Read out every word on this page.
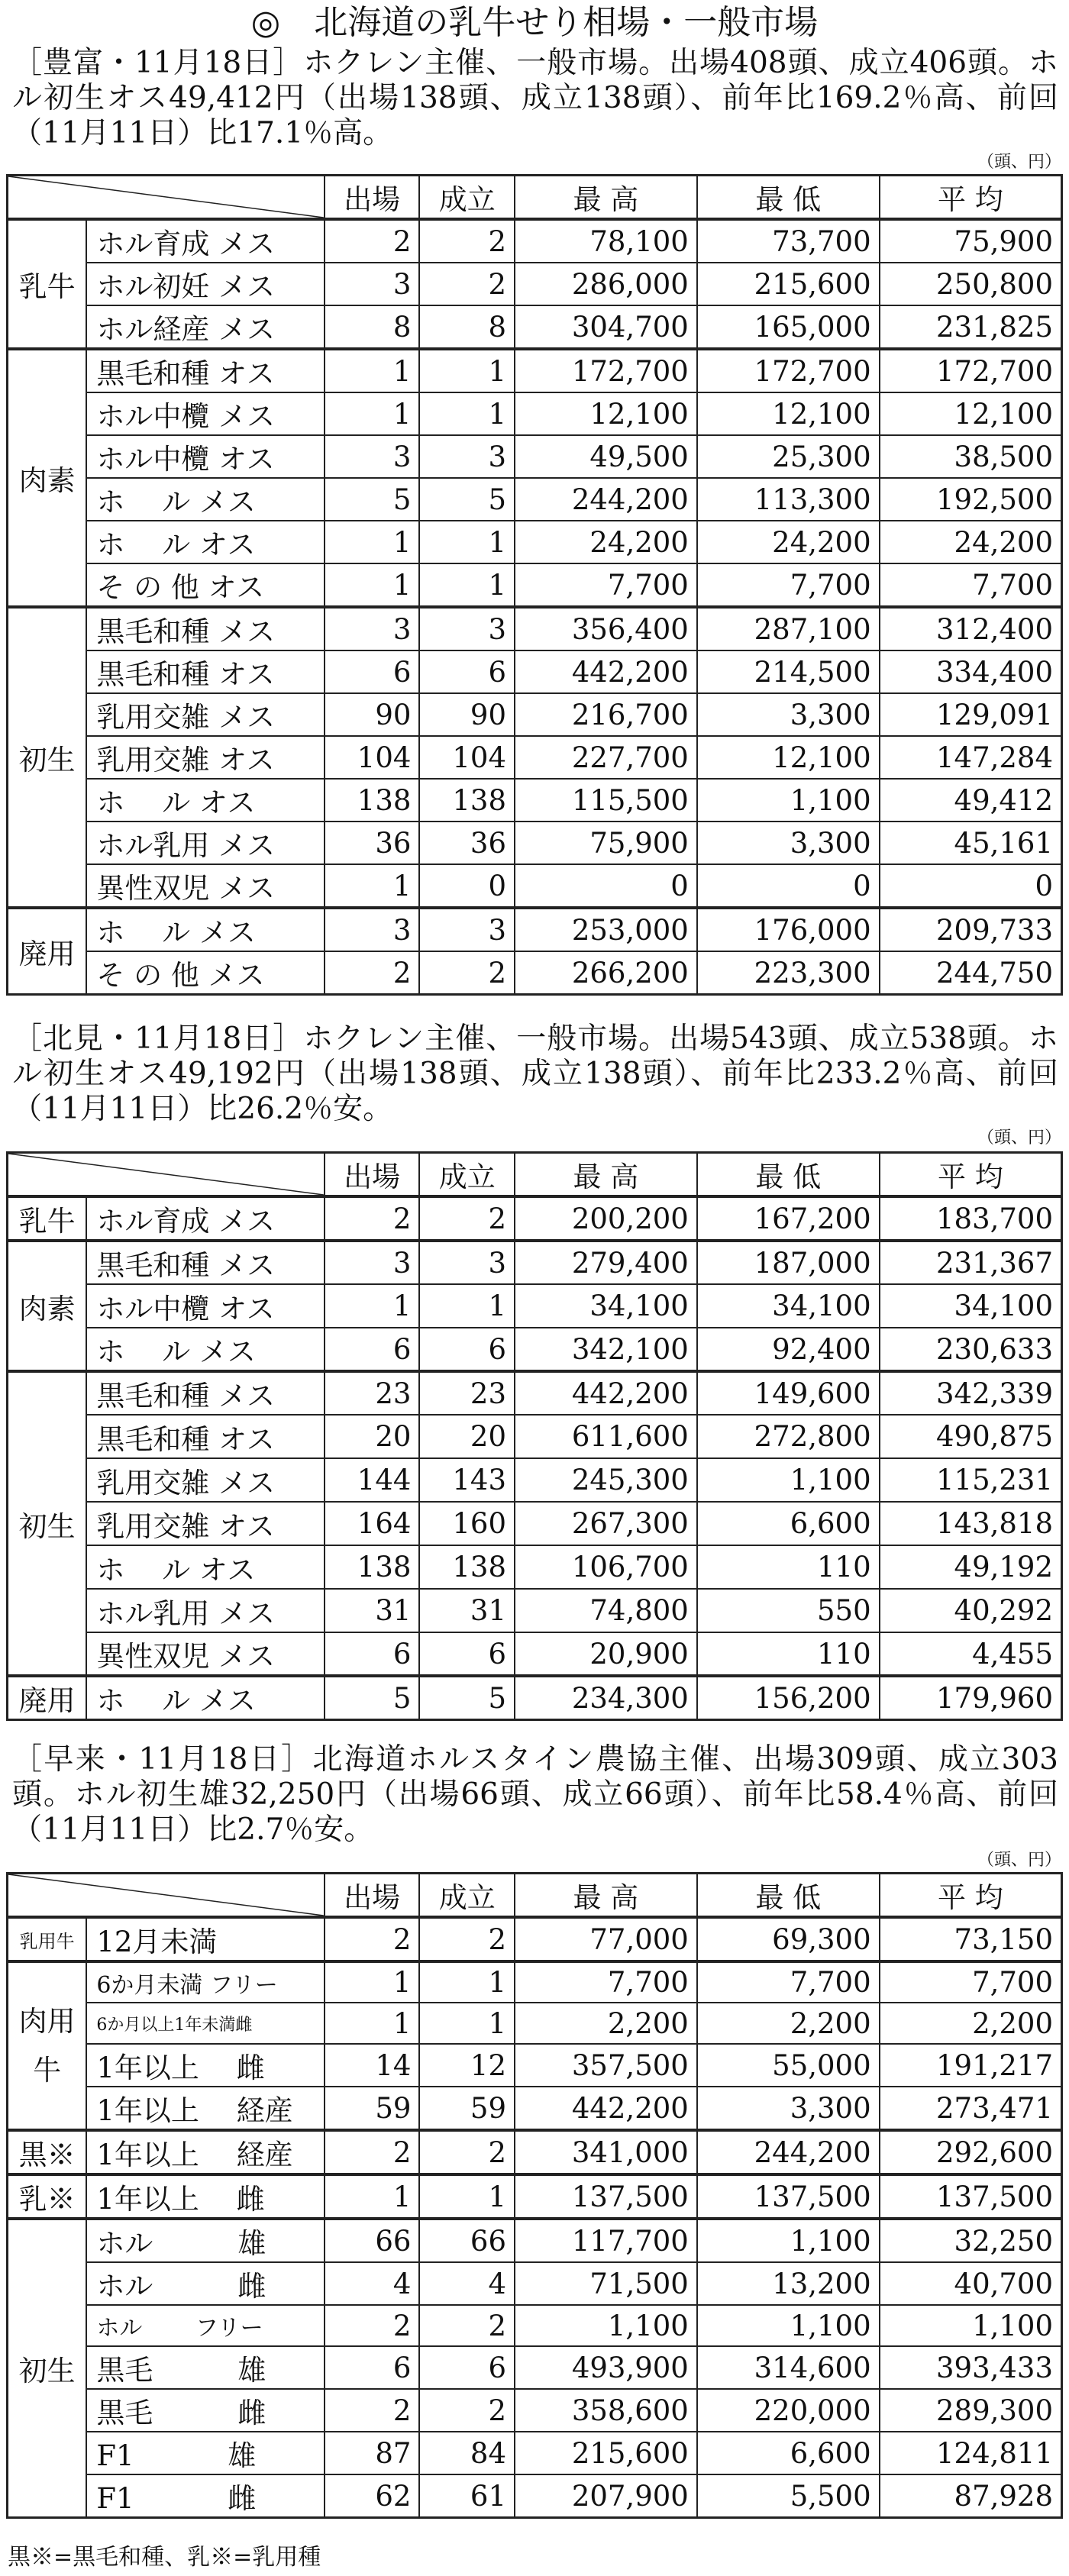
◎　北海道の乳牛せり相場・一般市場
［豊富・11月18日］ホクレン主催、一般市場。出場408頭、成立406頭。ホル初生オス49,412円（出場138頭、成立138頭）、前年比169.2％高、前回（11月11日）比17.1％高。
（頭、円）
	出場	成立	最 高	最 低	平 均
乳牛	ホル育成 メス	2	2	78,100	73,700	75,900
	ホル初妊 メス	3	2	286,000	215,600	250,800
	ホル経産 メス	8	8	304,700	165,000	231,825
肉素	黒毛和種 オス	1	1	172,700	172,700	172,700
	ホル中欖 メス	1	1	12,100	12,100	12,100
	ホル中欖 オス	3	3	49,500	25,300	38,500
	ホ　 ル メス	5	5	244,200	113,300	192,500
	ホ　 ル オス	1	1	24,200	24,200	24,200
	そ の 他 オス	1	1	7,700	7,700	7,700
初生	黒毛和種 メス	3	3	356,400	287,100	312,400
	黒毛和種 オス	6	6	442,200	214,500	334,400
	乳用交雑 メス	90	90	216,700	3,300	129,091
	乳用交雑 オス	104	104	227,700	12,100	147,284
	ホ　 ル オス	138	138	115,500	1,100	49,412
	ホル乳用 メス	36	36	75,900	3,300	45,161
	異性双児 メス	1	0	0	0	0
廃用	ホ　 ル メス	3	3	253,000	176,000	209,733
	そ の 他 メス	2	2	266,200	223,300	244,750
［北見・11月18日］ホクレン主催、一般市場。出場543頭、成立538頭。ホル初生オス49,192円（出場138頭、成立138頭）、前年比233.2％高、前回（11月11日）比26.2％安。
（頭、円）
	出場	成立	最 高	最 低	平 均
乳牛	ホル育成 メス	2	2	200,200	167,200	183,700
肉素	黒毛和種 メス	3	3	279,400	187,000	231,367
	ホル中欖 オス	1	1	34,100	34,100	34,100
	ホ　 ル メス	6	6	342,100	92,400	230,633
初生	黒毛和種 メス	23	23	442,200	149,600	342,339
	黒毛和種 オス	20	20	611,600	272,800	490,875
	乳用交雑 メス	144	143	245,300	1,100	115,231
	乳用交雑 オス	164	160	267,300	6,600	143,818
	ホ　 ル オス	138	138	106,700	110	49,192
	ホル乳用 メス	31	31	74,800	550	40,292
	異性双児 メス	6	6	20,900	110	4,455
廃用	ホ　 ル メス	5	5	234,300	156,200	179,960
［早来・11月18日］北海道ホルスタイン農協主催、出場309頭、成立303頭。ホル初生雄32,250円（出場66頭、成立66頭）、前年比58.4％高、前回（11月11日）比2.7％安。
（頭、円）
	出場	成立	最 高	最 低	平 均
乳用牛	12月未満	2	2	77,000	69,300	73,150
肉用牛	6か月未満 フリー	1	1	7,700	7,700	7,700
	6か月以上1年未満雌	1	1	2,200	2,200	2,200
	1年以上　 雌	14	12	357,500	55,000	191,217
	1年以上　 経産	59	59	442,200	3,300	273,471
黒※	1年以上　 経産	2	2	341,000	244,200	292,600
乳※	1年以上　 雌	1	1	137,500	137,500	137,500
初生	ホル　　　雄	66	66	117,700	1,100	32,250
	ホル　　　雌	4	4	71,500	13,200	40,700
	ホル　　 フリー	2	2	1,100	1,100	1,100
	黒毛　　　雄	6	6	493,900	314,600	393,433
	黒毛　　　雌	2	2	358,600	220,000	289,300
	F1　　　 雄	87	84	215,600	6,600	124,811
	F1　　　 雌	62	61	207,900	5,500	87,928
黒※=黒毛和種、乳※=乳用種
